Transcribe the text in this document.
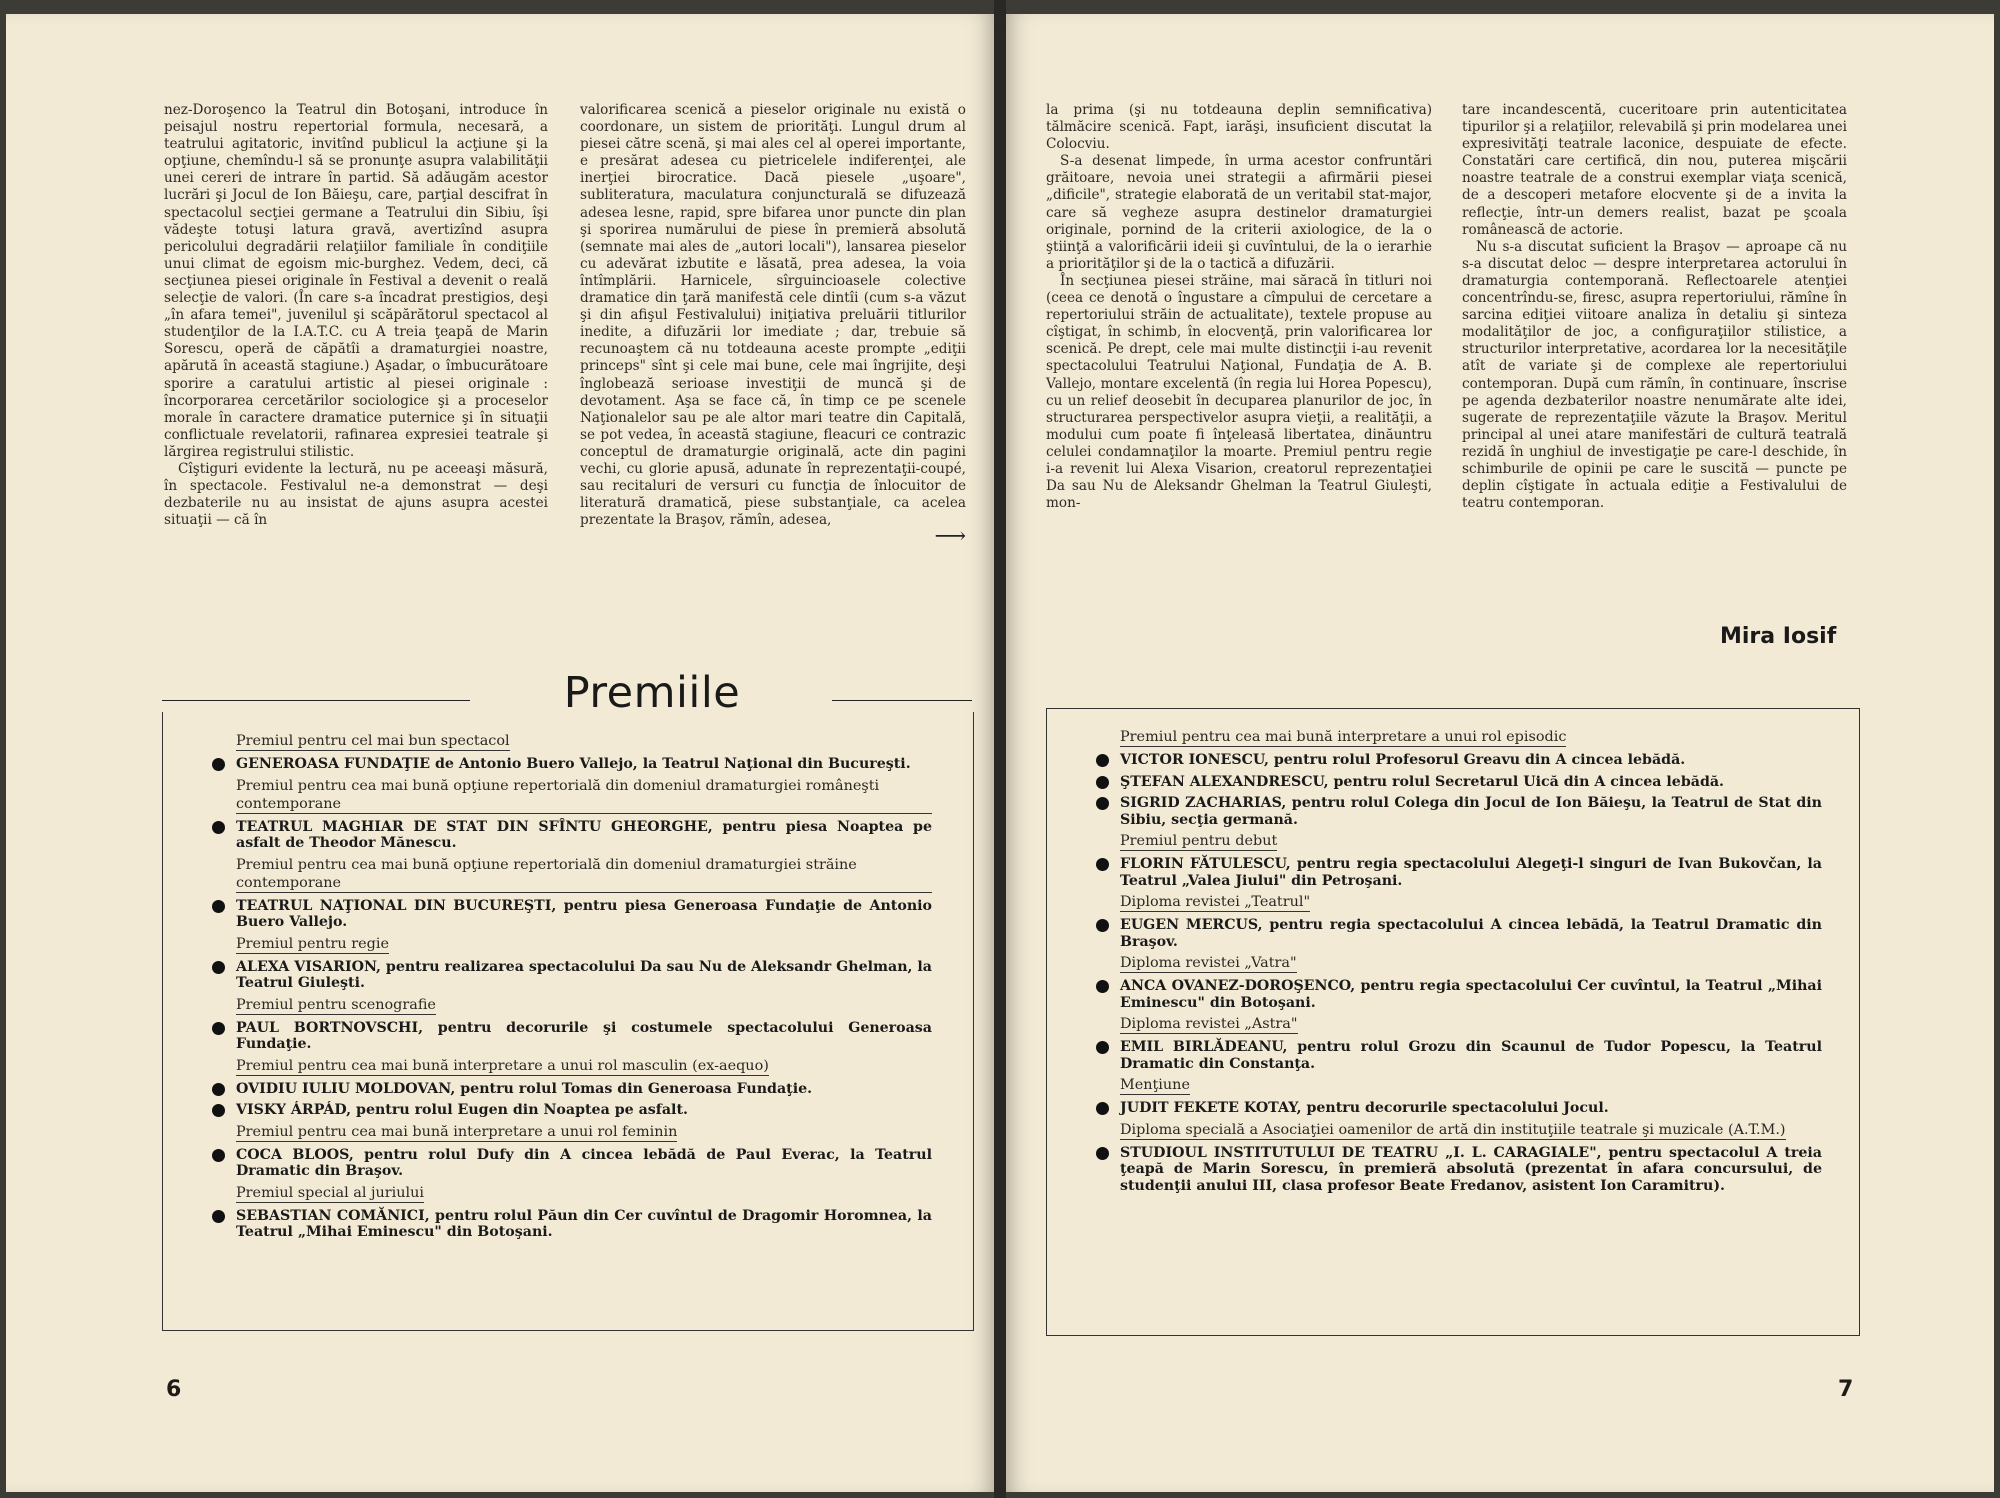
nez-Doroşenco la Teatrul din Botoşani, introduce în peisajul nostru repertorial formula, necesară, a teatrului agitatoric, invitînd publicul la acţiune şi la opţiune, chemîndu-l să se pronunţe asupra valabilităţii unei cereri de intrare în partid. Să adăugăm acestor lucrări şi Jocul de Ion Băieşu, care, parţial descifrat în spectacolul secţiei germane a Teatrului din Sibiu, îşi vădeşte totuşi latura gravă, avertizînd asupra pericolului degradării relaţiilor familiale în condiţiile unui climat de egoism mic-burghez. Vedem, deci, că secţiunea piesei originale în Festival a devenit o reală selecţie de valori. (În care s-a încadrat prestigios, deşi „în afara temei", juvenilul şi scăpărătorul spectacol al studenţilor de la I.A.T.C. cu A treia ţeapă de Marin Sorescu, operă de căpătîi a dramaturgiei noastre, apărută în această stagiune.) Aşadar, o îmbucurătoare sporire a caratului artistic al piesei originale : încorporarea cercetărilor sociologice şi a proceselor morale în caractere dramatice puternice şi în situaţii conflictuale revelatorii, rafinarea expresiei teatrale şi lărgirea registrului stilistic.

Cîştiguri evidente la lectură, nu pe aceeaşi măsură, în spectacole. Festivalul ne-a demonstrat — deşi dezbaterile nu au insistat de ajuns asupra acestei situaţii — că în

valorificarea scenică a pieselor originale nu există o coordonare, un sistem de priorităţi. Lungul drum al piesei către scenă, şi mai ales cel al operei importante, e presărat adesea cu pietricelele indiferenţei, ale inerţiei birocratice. Dacă piesele „uşoare", subliteratura, maculatura conjuncturală se difuzează adesea lesne, rapid, spre bifarea unor puncte din plan şi sporirea numărului de piese în premieră absolută (semnate mai ales de „autori locali"), lansarea pieselor cu adevărat izbutite e lăsată, prea adesea, la voia întîmplării. Harnicele, sîrguincioasele colective dramatice din ţară manifestă cele dintîi (cum s-a văzut şi din afişul Festivalului) iniţiativa preluării titlurilor inedite, a difuzării lor imediate ; dar, trebuie să recunoaştem că nu totdeauna aceste prompte „ediţii princeps" sînt şi cele mai bune, cele mai îngrijite, deşi înglobează serioase investiţii de muncă şi de devotament. Aşa se face că, în timp ce pe scenele Naţionalelor sau pe ale altor mari teatre din Capitală, se pot vedea, în această stagiune, fleacuri ce contrazic conceptul de dramaturgie originală, acte din pagini vechi, cu glorie apusă, adunate în reprezentaţii-coupé, sau recitaluri de versuri cu funcţia de înlocuitor de literatură dramatică, piese substanţiale, ca acelea prezentate la Braşov, rămîn, adesea,

⟶

la prima (şi nu totdeauna deplin semnificativa) tălmăcire scenică. Fapt, iarăşi, insuficient discutat la Colocviu.

S-a desenat limpede, în urma acestor confruntări grăitoare, nevoia unei strategii a afirmării piesei „dificile", strategie elaborată de un veritabil stat-major, care să vegheze asupra destinelor dramaturgiei originale, pornind de la criterii axiologice, de la o ştiinţă a valorificării ideii şi cuvîntului, de la o ierarhie a priorităţilor şi de la o tactică a difuzării.

În secţiunea piesei străine, mai săracă în titluri noi (ceea ce denotă o îngustare a cîmpului de cercetare a repertoriului străin de actualitate), textele propuse au cîştigat, în schimb, în elocvenţă, prin valorificarea lor scenică. Pe drept, cele mai multe distincţii i-au revenit spectacolului Teatrului Naţional, Fundaţia de A. B. Vallejo, montare excelentă (în regia lui Horea Popescu), cu un relief deosebit în decuparea planurilor de joc, în structurarea perspectivelor asupra vieţii, a realităţii, a modului cum poate fi înţeleasă libertatea, dinăuntru celulei condamnaţilor la moarte. Premiul pentru regie i-a revenit lui Alexa Visarion, creatorul reprezentaţiei Da sau Nu de Aleksandr Ghelman la Teatrul Giuleşti, mon-

tare incandescentă, cuceritoare prin autenticitatea tipurilor şi a relaţiilor, relevabilă şi prin modelarea unei expresivităţi teatrale laconice, despuiate de efecte. Constatări care certifică, din nou, puterea mişcării noastre teatrale de a construi exemplar viaţa scenică, de a descoperi metafore elocvente şi de a invita la reflecţie, într-un demers realist, bazat pe şcoala românească de actorie.

Nu s-a discutat suficient la Braşov — aproape că nu s-a discutat deloc — despre interpretarea actorului în dramaturgia contemporană. Reflectoarele atenţiei concentrîndu-se, firesc, asupra repertoriului, rămîne în sarcina ediţiei viitoare analiza în detaliu şi sinteza modalităţilor de joc, a configuraţiilor stilistice, a structurilor interpretative, acordarea lor la necesităţile atît de variate şi de complexe ale repertoriului contemporan. După cum rămîn, în continuare, înscrise pe agenda dezbaterilor noastre nenumărate alte idei, sugerate de reprezentaţiile văzute la Braşov. Meritul principal al unei atare manifestări de cultură teatrală rezidă în unghiul de investigaţie pe care-l deschide, în schimburile de opinii pe care le suscită — puncte pe deplin cîştigate în actuala ediţie a Festivalului de teatru contemporan.

Mira Iosif
Premiile
Premiul pentru cel mai bun spectacol
GENEROASA FUNDAŢIE de Antonio Buero Vallejo, la Teatrul Naţional din Bucureşti.
Premiul pentru cea mai bună opţiune repertorială din domeniul dramaturgiei româneşti contemporane
TEATRUL MAGHIAR DE STAT DIN SFÎNTU GHEORGHE, pentru piesa Noaptea pe asfalt de Theodor Mănescu.
Premiul pentru cea mai bună opţiune repertorială din domeniul dramaturgiei străine contemporane
TEATRUL NAŢIONAL DIN BUCUREŞTI, pentru piesa Generoasa Fundaţie de Antonio Buero Vallejo.
Premiul pentru regie
ALEXA VISARION, pentru realizarea spectacolului Da sau Nu de Aleksandr Ghelman, la Teatrul Giuleşti.
Premiul pentru scenografie
PAUL BORTNOVSCHI, pentru decorurile şi costumele spectacolului Generoasa Fundaţie.
Premiul pentru cea mai bună interpretare a unui rol masculin (ex-aequo)
OVIDIU IULIU MOLDOVAN, pentru rolul Tomas din Generoasa Fundaţie.
VISKY ÁRPÁD, pentru rolul Eugen din Noaptea pe asfalt.
Premiul pentru cea mai bună interpretare a unui rol feminin
COCA BLOOS, pentru rolul Dufy din A cincea lebădă de Paul Everac, la Teatrul Dramatic din Braşov.
Premiul special al juriului
SEBASTIAN COMĂNICI, pentru rolul Păun din Cer cuvîntul de Dragomir Horomnea, la Teatrul „Mihai Eminescu" din Botoşani.
Premiul pentru cea mai bună interpretare a unui rol episodic
VICTOR IONESCU, pentru rolul Profesorul Greavu din A cincea lebădă.
ŞTEFAN ALEXANDRESCU, pentru rolul Secretarul Uică din A cincea lebădă.
SIGRID ZACHARIAS, pentru rolul Colega din Jocul de Ion Băieşu, la Teatrul de Stat din Sibiu, secţia germană.
Premiul pentru debut
FLORIN FĂTULESCU, pentru regia spectacolului Alegeţi-l singuri de Ivan Bukovčan, la Teatrul „Valea Jiului" din Petroşani.
Diploma revistei „Teatrul"
EUGEN MERCUS, pentru regia spectacolului A cincea lebădă, la Teatrul Dramatic din Braşov.
Diploma revistei „Vatra"
ANCA OVANEZ-DOROŞENCO, pentru regia spectacolului Cer cuvîntul, la Teatrul „Mihai Eminescu" din Botoşani.
Diploma revistei „Astra"
EMIL BIRLĂDEANU, pentru rolul Grozu din Scaunul de Tudor Popescu, la Teatrul Dramatic din Constanţa.
Menţiune
JUDIT FEKETE KOTAY, pentru decorurile spectacolului Jocul.
Diploma specială a Asociaţiei oamenilor de artă din instituţiile teatrale şi muzicale (A.T.M.)
STUDIOUL INSTITUTULUI DE TEATRU „I. L. CARAGIALE", pentru spectacolul A treia ţeapă de Marin Sorescu, în premieră absolută (prezentat în afara concursului, de studenţii anului III, clasa profesor Beate Fredanov, asistent Ion Caramitru).
6	7
